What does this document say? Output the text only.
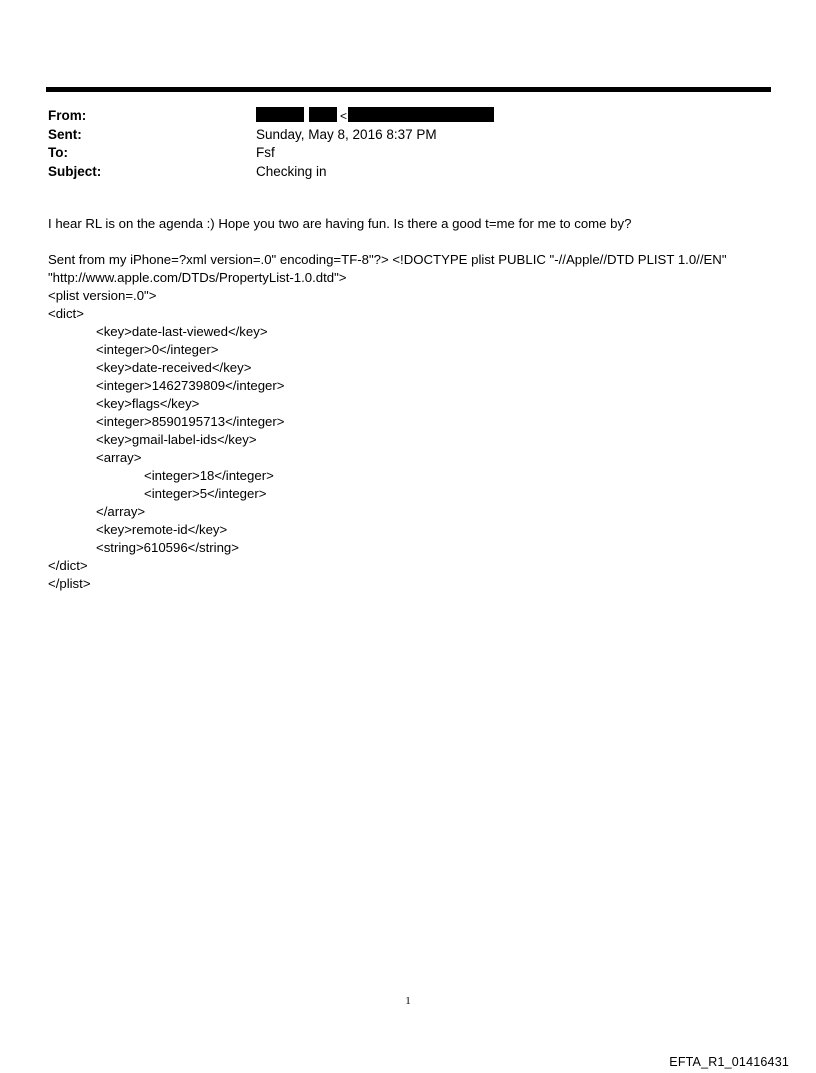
From:	<
Sent:	Sunday, May 8, 2016 8:37 PM
To:	Fsf
Subject:	Checking in
I hear RL is on the agenda :) Hope you two are having fun. Is there a good t=me for me to come by?
Sent from my iPhone=?xml version=.0" encoding=TF-8"?> <!DOCTYPE plist PUBLIC "-//Apple//DTD PLIST 1.0//EN"
"http://www.apple.com/DTDs/PropertyList-1.0.dtd">
<plist version=.0">
<dict>
<key>date-last-viewed</key>
<integer>0</integer>
<key>date-received</key>
<integer>1462739809</integer>
<key>flags</key>
<integer>8590195713</integer>
<key>gmail-label-ids</key>
<array>
<integer>18</integer>
<integer>5</integer>
</array>
<key>remote-id</key>
<string>610596</string>
</dict>
</plist>
1
EFTA_R1_01416431
